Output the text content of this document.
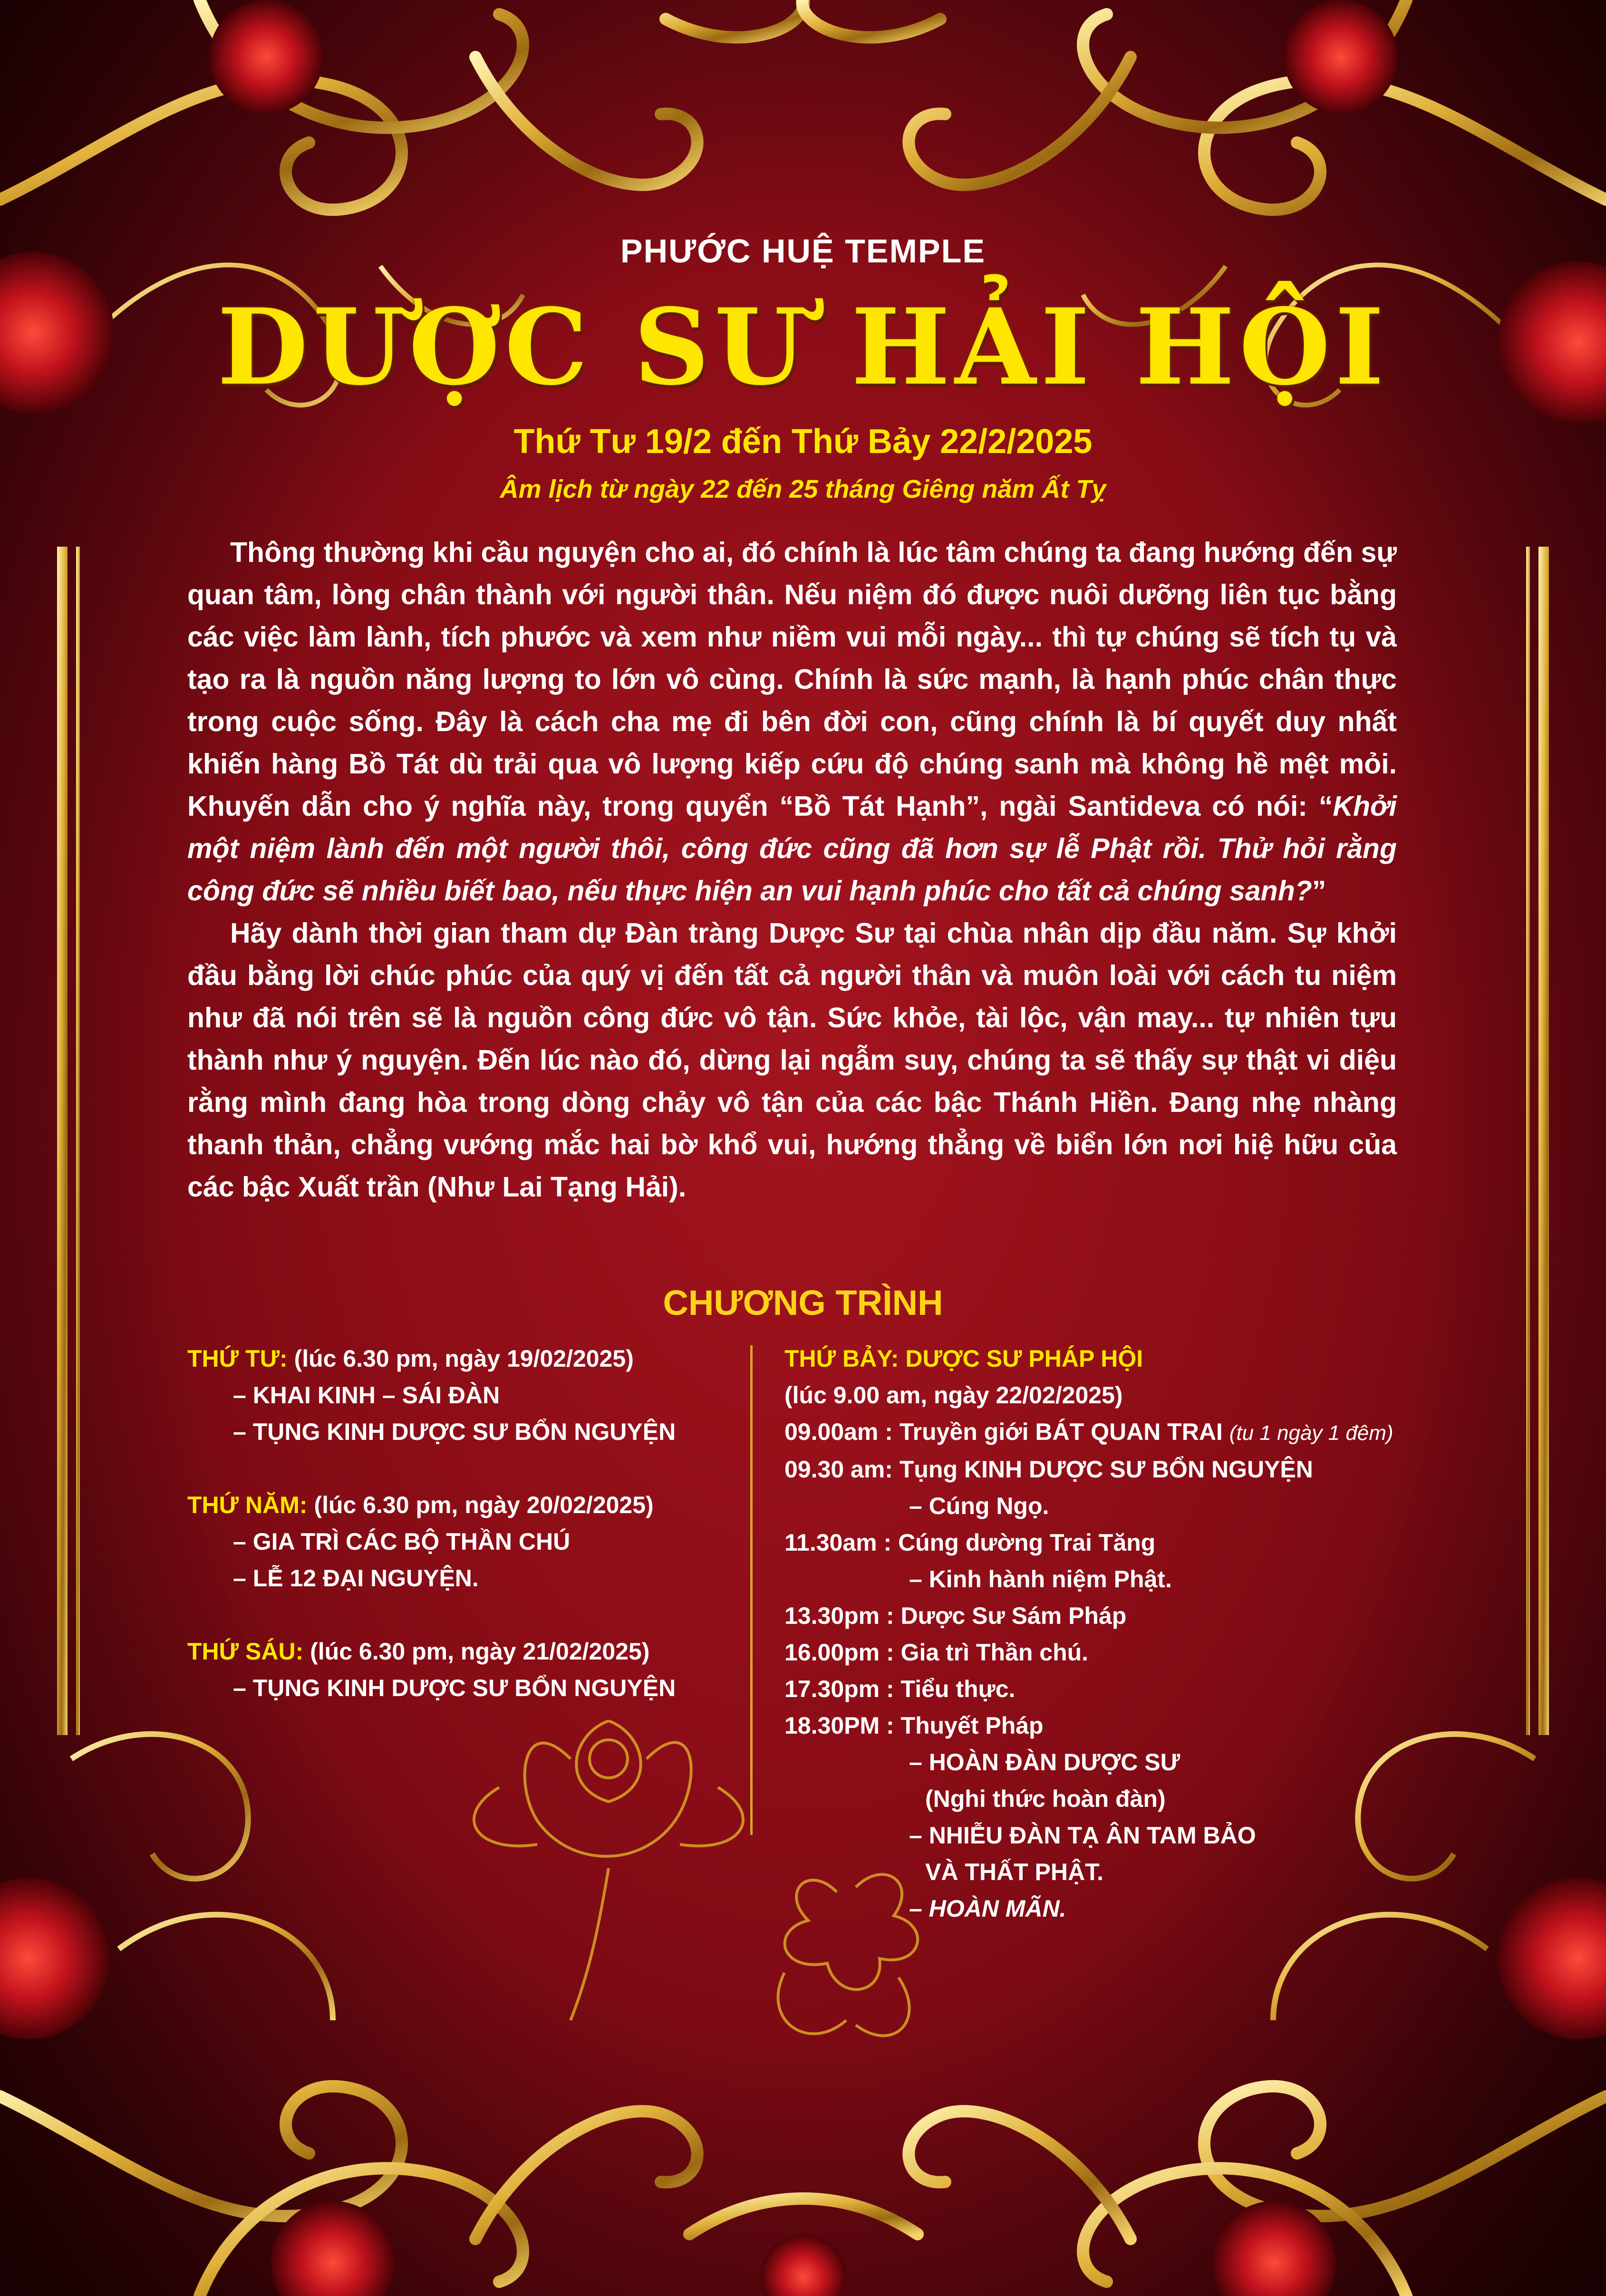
PHƯỚC HUỆ TEMPLE
DƯỢC SƯ HẢI HỘI
Thứ Tư 19/2 đến Thứ Bảy 22/2/2025
Âm lịch từ ngày 22 đến 25 tháng Giêng năm Ất Tỵ

Thông thường khi cầu nguyện cho ai, đó chính là lúc tâm chúng ta đang hướng đến sự quan tâm, lòng chân thành với người thân. Nếu niệm đó được nuôi dưỡng liên tục bằng các việc làm lành, tích phước và xem như niềm vui mỗi ngày... thì tự chúng sẽ tích tụ và tạo ra là nguồn năng lượng to lớn vô cùng. Chính là sức mạnh, là hạnh phúc chân thực trong cuộc sống. Đây là cách cha mẹ đi bên đời con, cũng chính là bí quyết duy nhất khiến hàng Bồ Tát dù trải qua vô lượng kiếp cứu độ chúng sanh mà không hề mệt mỏi. Khuyến dẫn cho ý nghĩa này, trong quyển “Bồ Tát Hạnh”, ngài Santideva có nói: “Khởi một niệm lành đến một người thôi, công đức cũng đã hơn sự lễ Phật rồi. Thử hỏi rằng công đức sẽ nhiều biết bao, nếu thực hiện an vui hạnh phúc cho tất cả chúng sanh?”

Hãy dành thời gian tham dự Đàn tràng Dược Sư tại chùa nhân dịp đầu năm. Sự khởi đầu bằng lời chúc phúc của quý vị đến tất cả người thân và muôn loài với cách tu niệm như đã nói trên sẽ là nguồn công đức vô tận. Sức khỏe, tài lộc, vận may... tự nhiên tựu thành như ý nguyện. Đến lúc nào đó, dừng lại ngẫm suy, chúng ta sẽ thấy sự thật vi diệu rằng mình đang hòa trong dòng chảy vô tận của các bậc Thánh Hiền. Đang nhẹ nhàng thanh thản, chẳng vướng mắc hai bờ khổ vui, hướng thẳng về biển lớn nơi hiệ hữu của các bậc Xuất trần (Như Lai Tạng Hải).

CHƯƠNG TRÌNH
THỨ TƯ: (lúc 6.30 pm, ngày 19/02/2025)
– KHAI KINH – SÁI ĐÀN
– TỤNG KINH DƯỢC SƯ BỔN NGUYỆN
THỨ NĂM: (lúc 6.30 pm, ngày 20/02/2025)
– GIA TRÌ CÁC BỘ THẦN CHÚ
– LỄ 12 ĐẠI NGUYỆN.
THỨ SÁU: (lúc 6.30 pm, ngày 21/02/2025)
– TỤNG KINH DƯỢC SƯ BỔN NGUYỆN
THỨ BẢY: DƯỢC SƯ PHÁP HỘI
(lúc 9.00 am, ngày 22/02/2025)
09.00am : Truyền giới BÁT QUAN TRAI (tu 1 ngày 1 đêm)
09.30 am: Tụng KINH DƯỢC SƯ BỔN NGUYỆN
– Cúng Ngọ.
11.30am : Cúng dường Trai Tăng
– Kinh hành niệm Phật.
13.30pm : Dược Sư Sám Pháp
16.00pm : Gia trì Thần chú.
17.30pm : Tiểu thực.
18.30PM : Thuyết Pháp
– HOÀN ĐÀN DƯỢC SƯ
(Nghi thức hoàn đàn)
– NHIỄU ĐÀN TẠ ÂN TAM BẢO
VÀ THẤT PHẬT.
– HOÀN MÃN.
